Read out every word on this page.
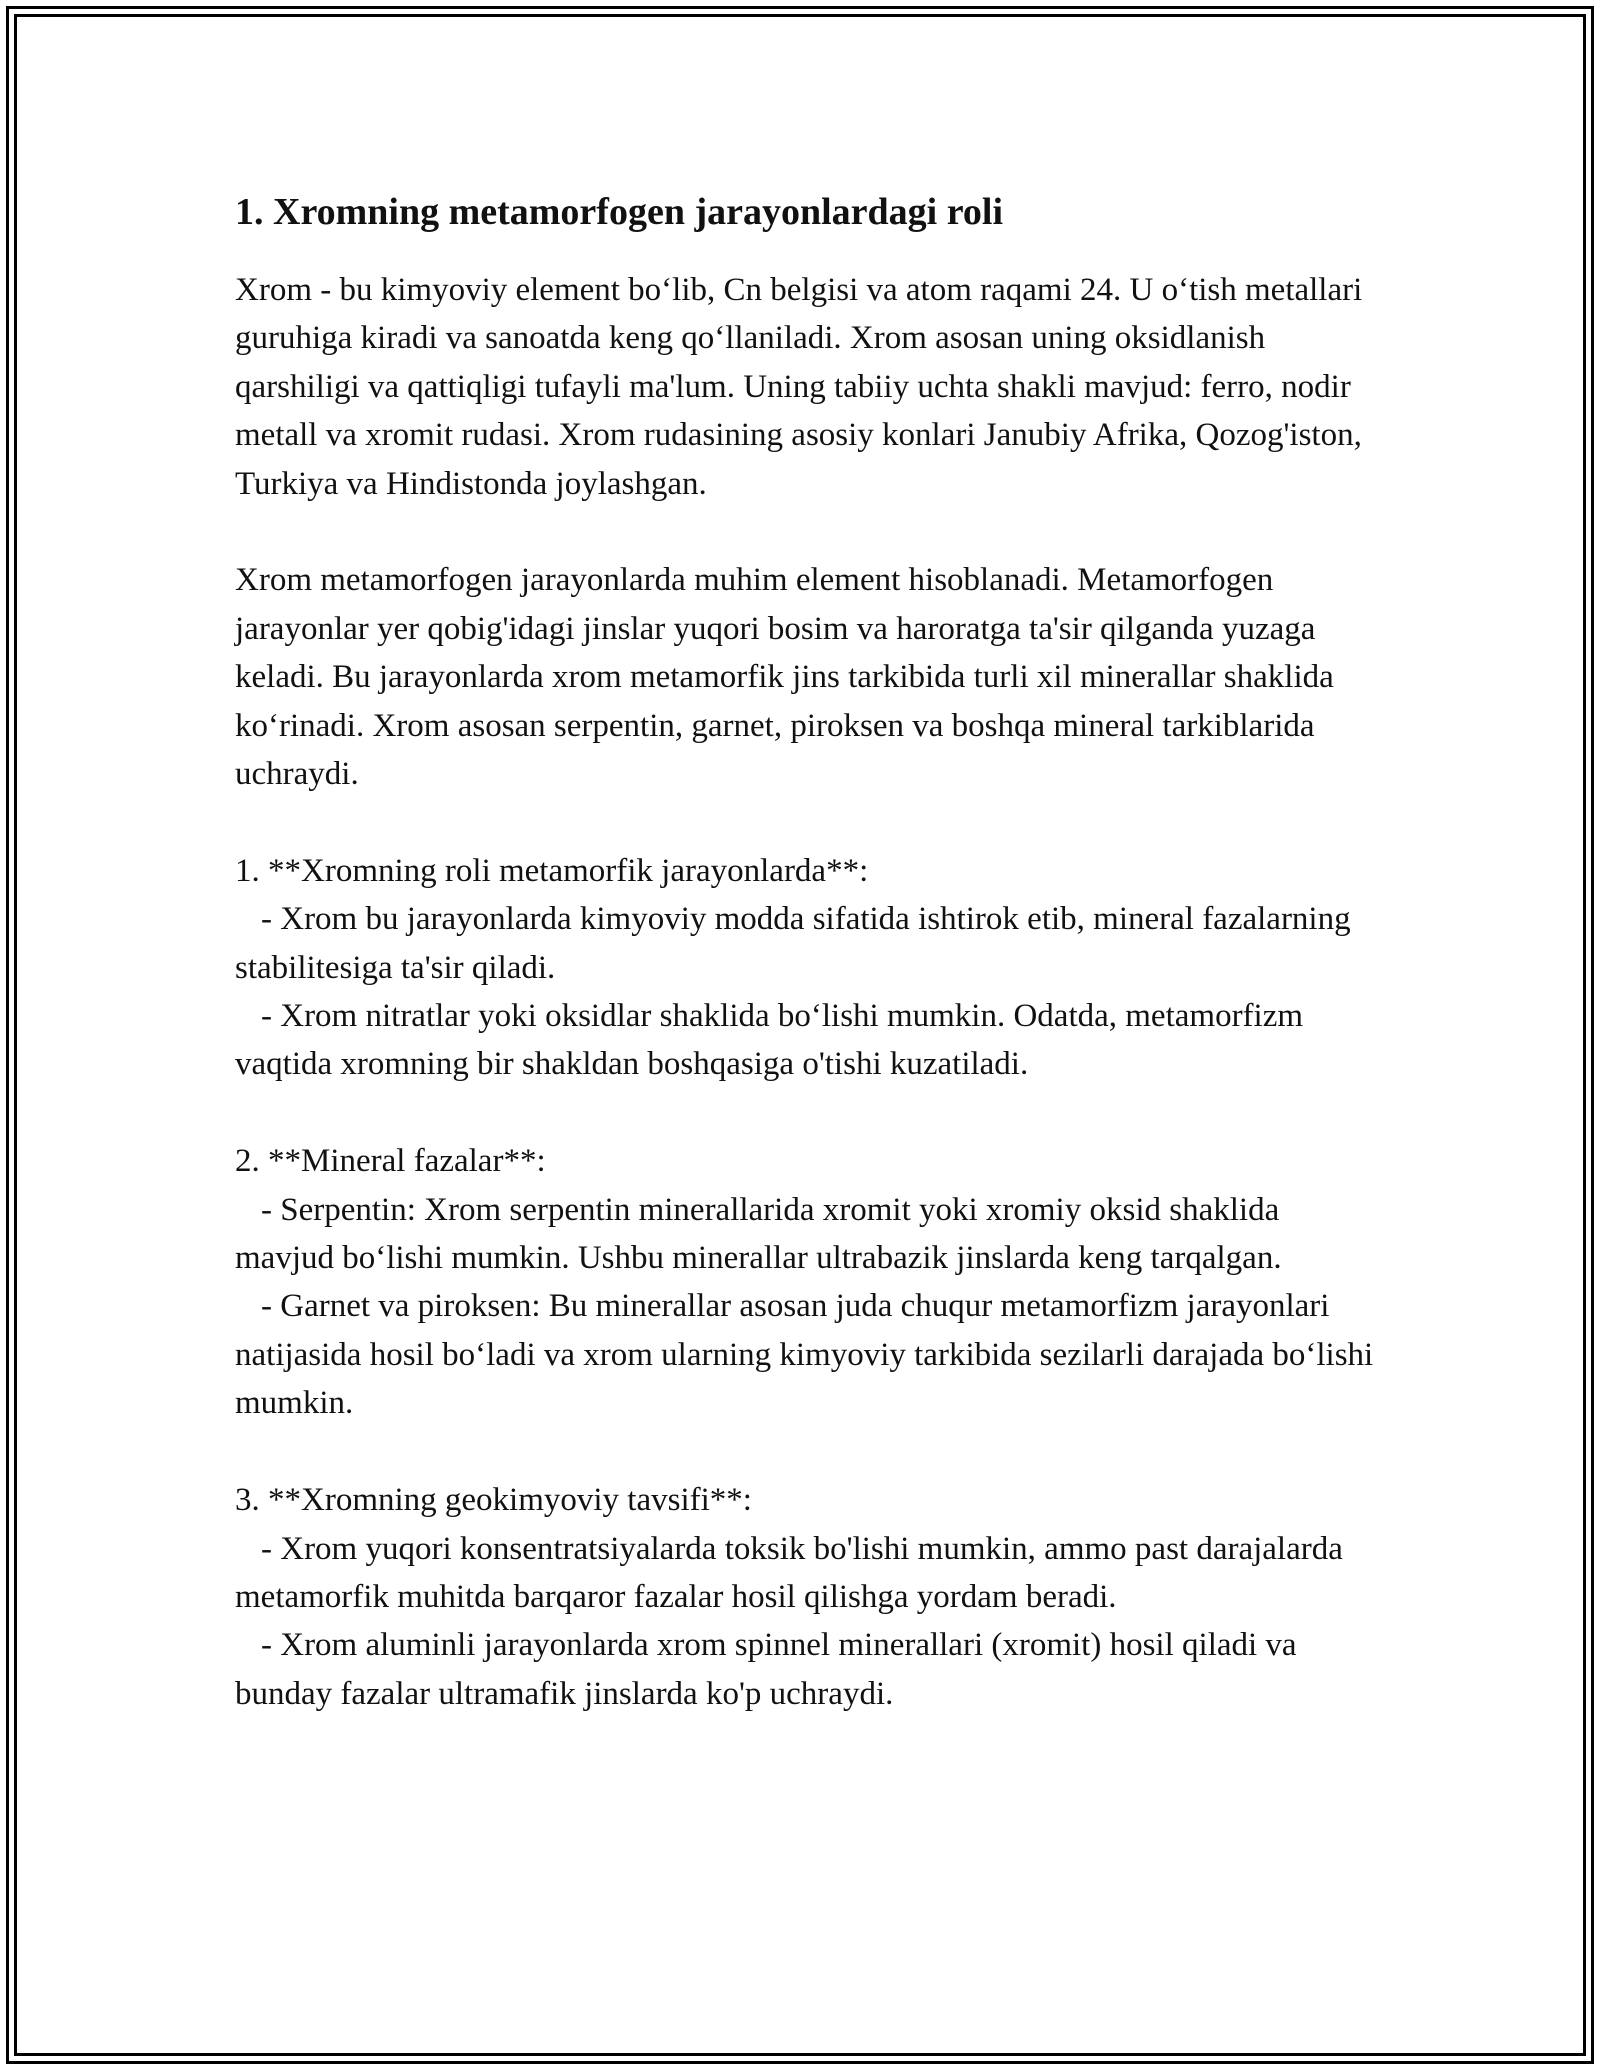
1. Xromning metamorfogen jarayonlardagi roli

Xrom - bu kimyoviy element bo‘lib, Cn belgisi va atom raqami 24. U o‘tish metallari guruhiga kiradi va sanoatda keng qo‘llaniladi. Xrom asosan uning oksidlanish qarshiligi va qattiqligi tufayli ma'lum. Uning tabiiy uchta shakli mavjud: ferro, nodir metall va xromit rudasi. Xrom rudasining asosiy konlari Janubiy Afrika, Qozog'iston, Turkiya va Hindistonda joylashgan.

Xrom metamorfogen jarayonlarda muhim element hisoblanadi. Metamorfogen jarayonlar yer qobig'idagi jinslar yuqori bosim va haroratga ta'sir qilganda yuzaga keladi. Bu jarayonlarda xrom metamorfik jins tarkibida turli xil minerallar shaklida ko‘rinadi. Xrom asosan serpentin, garnet, piroksen va boshqa mineral tarkiblarida uchraydi.

1. **Xromning roli metamorfik jarayonlarda**:

- Xrom bu jarayonlarda kimyoviy modda sifatida ishtirok etib, mineral fazalarning stabilitesiga ta'sir qiladi.

- Xrom nitratlar yoki oksidlar shaklida bo‘lishi mumkin. Odatda, metamorfizm vaqtida xromning bir shakldan boshqasiga o'tishi kuzatiladi.

2. **Mineral fazalar**:

- Serpentin: Xrom serpentin minerallarida xromit yoki xromiy oksid shaklida mavjud bo‘lishi mumkin. Ushbu minerallar ultrabazik jinslarda keng tarqalgan.

- Garnet va piroksen: Bu minerallar asosan juda chuqur metamorfizm jarayonlari natijasida hosil bo‘ladi va xrom ularning kimyoviy tarkibida sezilarli darajada bo‘lishi mumkin.

3. **Xromning geokimyoviy tavsifi**:

- Xrom yuqori konsentratsiyalarda toksik bo'lishi mumkin, ammo past darajalarda metamorfik muhitda barqaror fazalar hosil qilishga yordam beradi.

- Xrom aluminli jarayonlarda xrom spinnel minerallari (xromit) hosil qiladi va bunday fazalar ultramafik jinslarda ko'p uchraydi.
